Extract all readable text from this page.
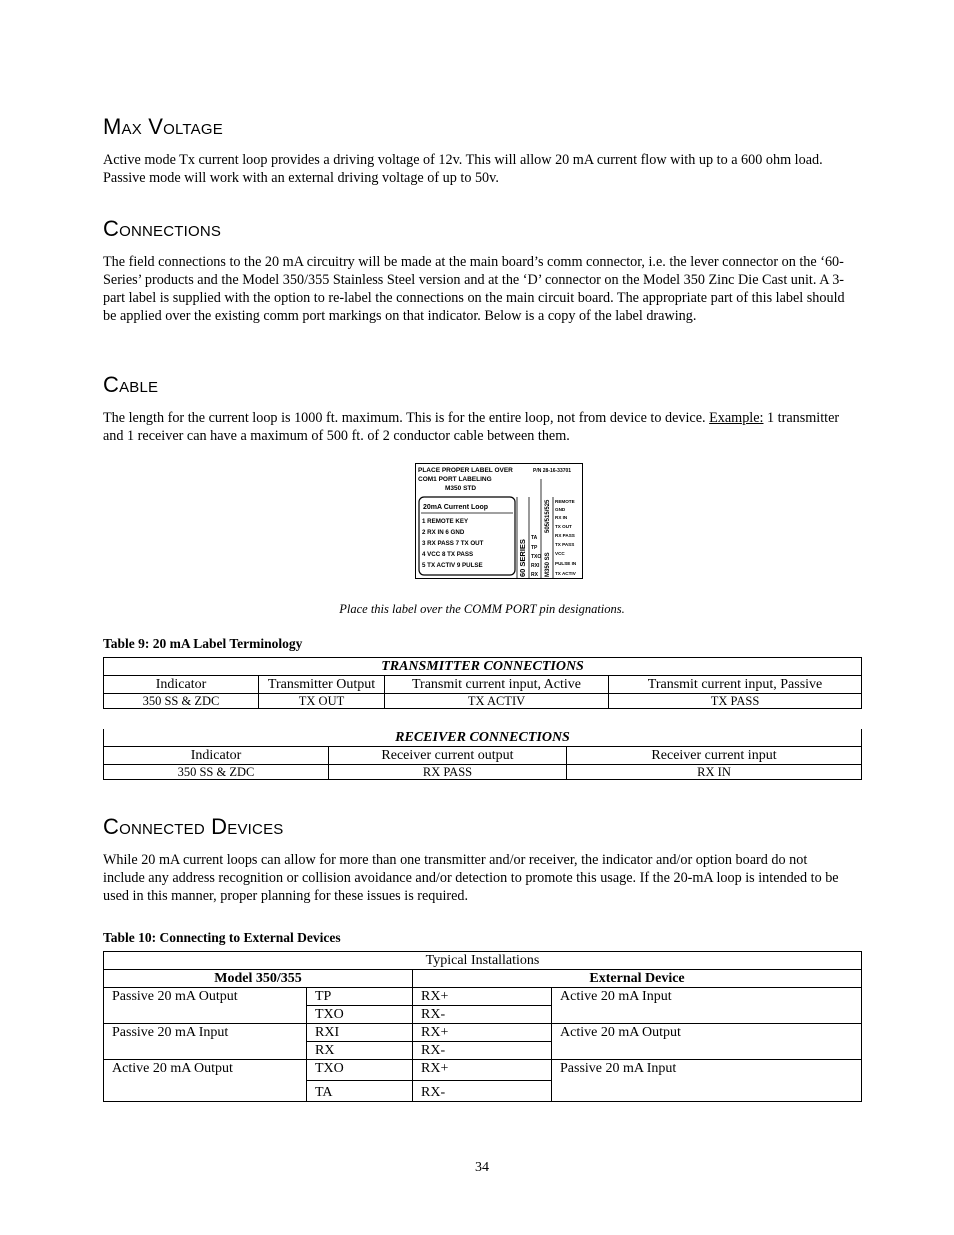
Max Voltage
Active mode Tx current loop provides a driving voltage of 12v. This will allow 20 mA current flow with up to a 600 ohm load. Passive mode will work with an external driving voltage of up to 50v.
Connections
The field connections to the 20 mA circuitry will be made at the main board’s comm connector, i.e. the lever connector on the ‘60-Series’ products and the Model 350/355 Stainless Steel version and at the ‘D’ connector on the Model 350 Zinc Die Cast unit. A 3-part label is supplied with the option to re-label the connections on the main circuit board. The appropriate part of this label should be applied over the existing comm port markings on that indicator. Below is a copy of the label drawing.
Cable
The length for the current loop is 1000 ft. maximum. This is for the entire loop, not from device to device. Example: 1 transmitter and 1 receiver can have a maximum of 500 ft. of 2 conductor cable between them.
PLACE PROPER LABEL OVER	P/N 28-16-33701
COM1 PORT LABELING
M350 STD
20mA Current Loop
1 REMOTE KEY
2 RX IN 6 GND
3 RX PASS 7 TX OUT
4 VCC 8 TX PASS
5 TX ACTIV 9 PULSE	60 SERIES	M350 SS
505/515/525
TA
TP
TXO
RXI
RX
REMOTE
GND
RX IN
TX OUT
RX PASS
TX PASS
VCC
PULSE IN
TX ACTIV
Place this label over the COMM PORT pin designations.
Table 9: 20 mA Label Terminology
TRANSMITTER CONNECTIONS			
Indicator	Transmitter Output	Transmit current input, Active	Transmit current input, Passive
350 SS & ZDC	TX OUT	TX ACTIV	TX PASS
RECEIVER CONNECTIONS		
Indicator	Receiver current output	Receiver current input
350 SS & ZDC	RX PASS	RX IN
Connected Devices
While 20 mA current loops can allow for more than one transmitter and/or receiver, the indicator and/or option board do not include any address recognition or collision avoidance and/or detection to promote this usage. If the 20-mA loop is intended to be used in this manner, proper planning for these issues is required.
Table 10: Connecting to External Devices
Typical Installations			
Model 350/355		External Device	
Passive 20 mA Output	TP	RX+	Active 20 mA Input
	TXO	RX-	
Passive 20 mA Input	RXI	RX+	Active 20 mA Output
	RX	RX-	
Active 20 mA Output	TXO	RX+	Passive 20 mA Input
	TA	RX-	
34
